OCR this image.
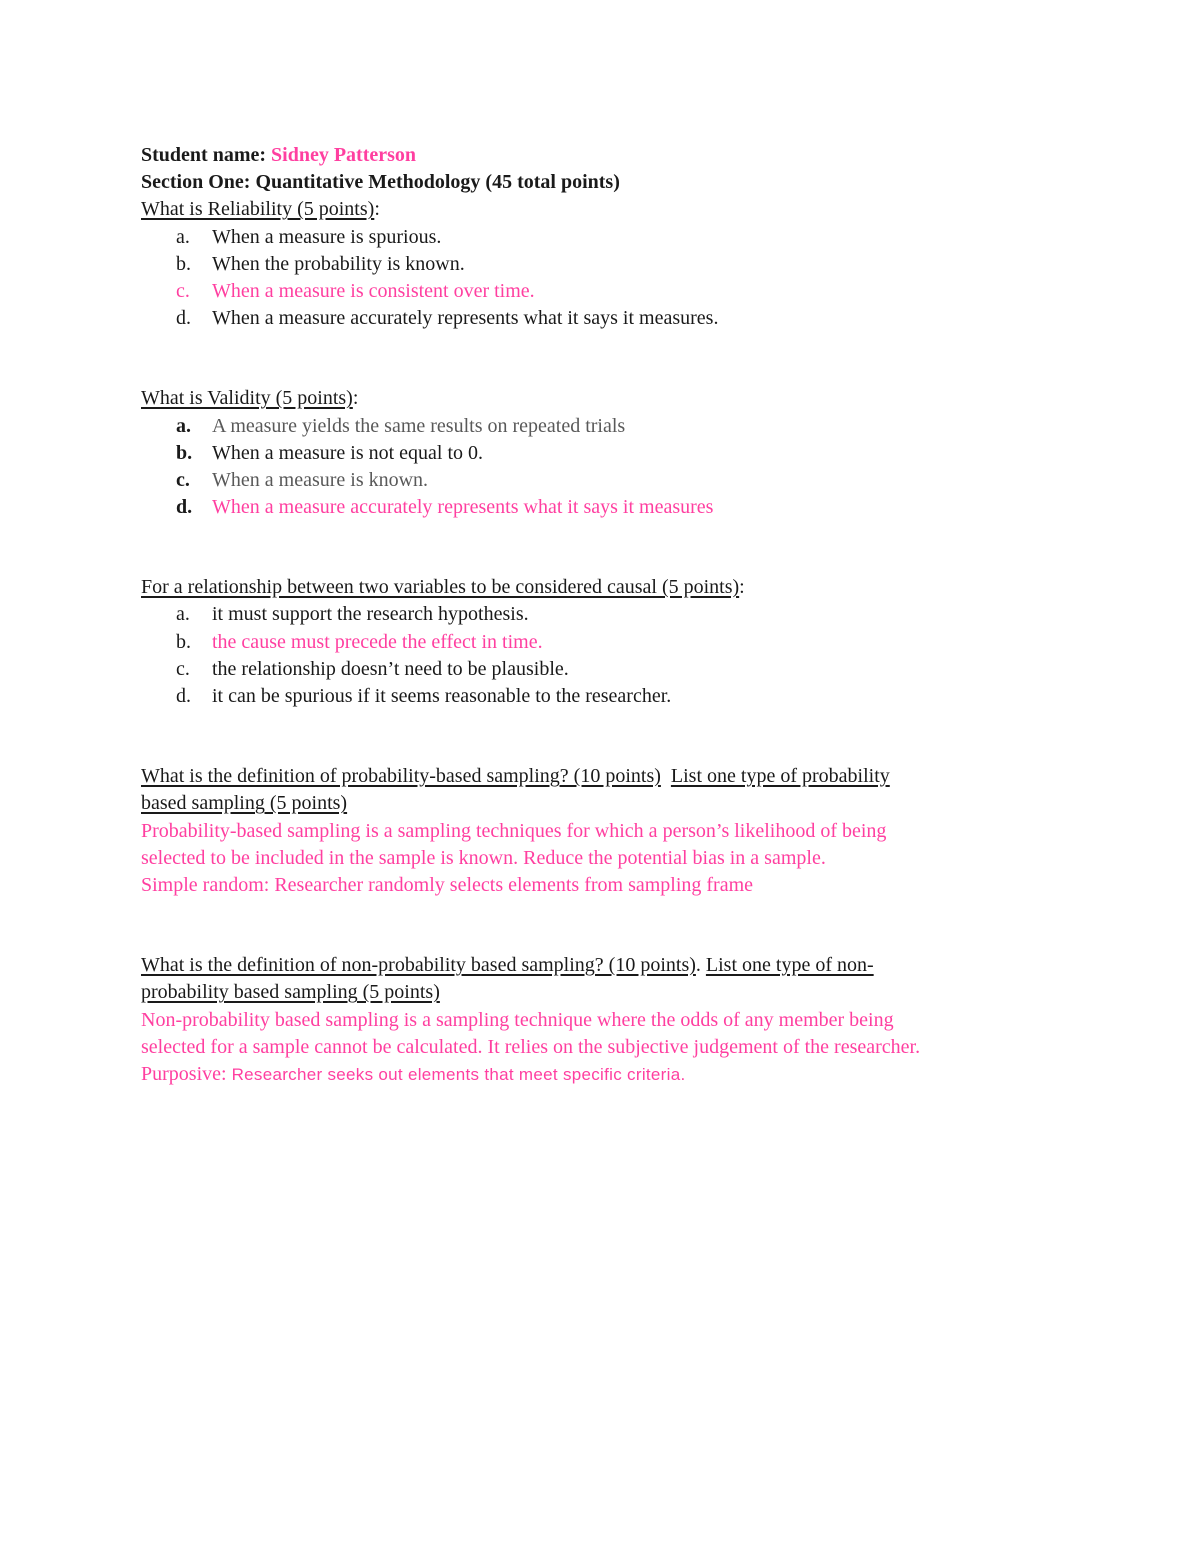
Student name: Sidney Patterson
Section One: Quantitative Methodology (45 total points)
What is Reliability (5 points):
a.	When a measure is spurious.
b.	When the probability is known.
c.	When a measure is consistent over time.
d.	When a measure accurately represents what it says it measures.
What is Validity (5 points):
a.	A measure yields the same results on repeated trials
b. When a measure is not equal to 0.
c.	When a measure is known.
d. When a measure accurately represents what it says it measures
For a relationship between two variables to be considered causal (5 points):
a.	it must support the research hypothesis.
b.	the cause must precede the effect in time.
c.	the relationship doesn’t need to be plausible.
d.	it can be spurious if it seems reasonable to the researcher.
What is the definition of probability-based sampling? (10 points) List one type of probability
based sampling (5 points)
Probability-based sampling is a sampling techniques for which a person’s likelihood of being
selected to be included in the sample is known. Reduce the potential bias in a sample.
Simple random: Researcher randomly selects elements from sampling frame
What is the definition of non-probability based sampling? (10 points). List one type of non-
probability based sampling (5 points)
Non-probability based sampling is a sampling technique where the odds of any member being
selected for a sample cannot be calculated. It relies on the subjective judgement of the researcher.
Purposive: Researcher seeks out elements that meet specific criteria.
